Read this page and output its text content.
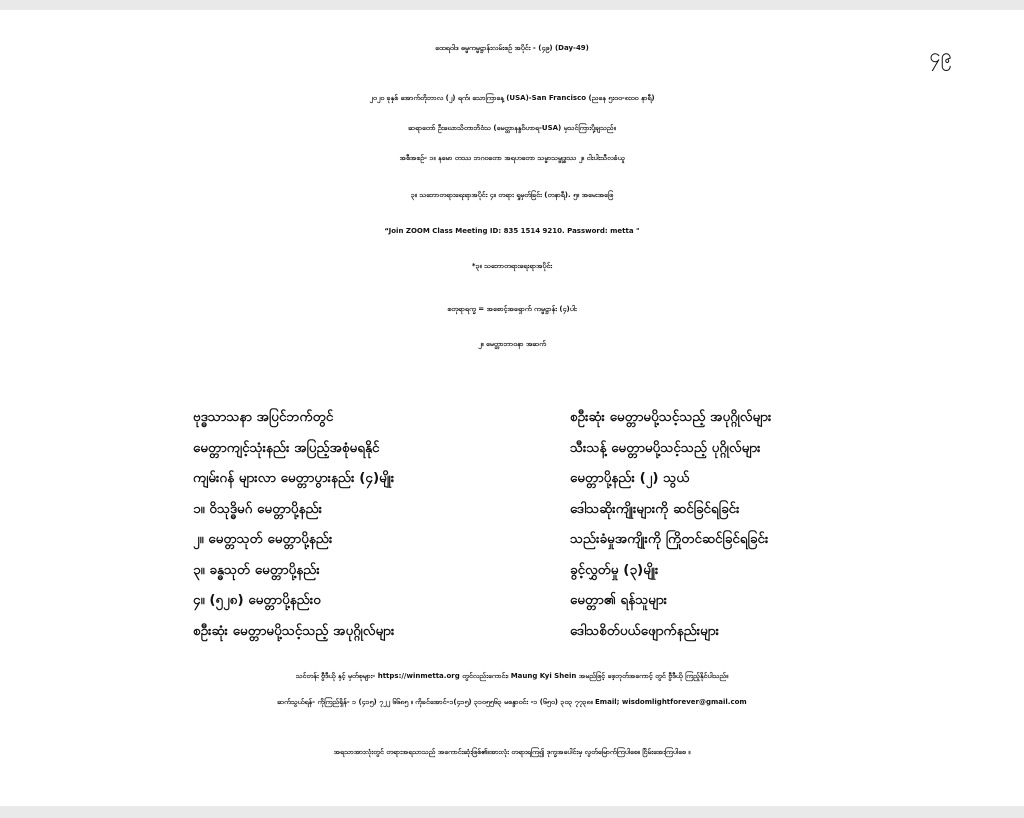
၄၉
ထေရဝါဒ ဓမ္မကမ္မဋ္ဌာန်းလမ်းစဉ် အပိုင်း - (၄၉) (Day-49)
၂၀၂၀ ခုနှစ် အောက်တိုဘာလ (၂) ရက်၊ သောကြာနေ့ (USA)-San Francisco (ညနေ ၅း၀၀-၈း၀၀ နာရီ)
ဆရာတော် ဦးဃောသိတာဘိဝံသ (မေတ္တာနန္ဒဝိဟာရ-USA) မှသင်ကြားပို့ချသည်။
အစီအစဉ်- ၁။ နမော တဿ ဘဂဝတော အရဟတော သမ္မာသမ္ဗုဒ္ဓဿ ၂။ ငါးပါးသီလခံယူ
၃။ သဘောတရားရေးရာအပိုင်း ၄။ တရား ရှုမှတ်ခြင်း (တနာရီ). ၅။ အမေးအဖြေ
“Join ZOOM Class Meeting ID: 835 1514 9210. Password: metta "
*၃။ သဘောတရားရေးရာအပိုင်း
စတုရာရက္ခ = အစောင့်အရှောက် ကမ္မဋ္ဌာန်း (၄)ပါး
၂။ မေတ္တာဘာဝနာ အဆက်
ဗုဒ္ဓသာသနာ အပြင်ဘက်တွင်
မေတ္တာကျင့်သုံးနည်း အပြည့်အစုံမရနိုင်
ကျမ်းဂန် များလာ မေတ္တာပွားနည်း (၄)မျိုး
၁။ ဝိသုဒ္ဓိမဂ် မေတ္တာပို့နည်း
၂။ မေတ္တသုတ် မေတ္တာပို့နည်း
၃။ ခန္ဓသုတ် မေတ္တာပို့နည်း
၄။ (၅၂၈) မေတ္တာပို့နည်း၀
စဦးဆုံး မေတ္တာမပို့သင့်သည့် အပုဂ္ဂိုလ်များ
စဦးဆုံး မေတ္တာမပို့သင့်သည့် အပုဂ္ဂိုလ်များ
သီးသန့် မေတ္တာမပို့သင့်သည့် ပုဂ္ဂိုလ်များ
မေတ္တာပို့နည်း (၂) သွယ်
ဒေါသဆိုးကျိုးများကို ဆင်ခြင်ရခြင်း
သည်းခံမှုအကျိုးကို ကြိုတင်ဆင်ခြင်ရခြင်း
ခွင့်လွှတ်မှု (၃)မျိုး
မေတ္တာ၏ ရန်သူများ
ဒေါသစိတ်ပယ်ဖျောက်နည်းများ
သင်တန်း ဗွီဒီယို နှင့် မှတ်စုများ- https://winmetta.org တွင်လည်းကောင်း၊ Maung Kyi Shein အမည်ဖြင့် ဖေ့ဘုတ်အကောင့် တွင် ဗွီဒီယို ကြည့်နိုင်ပါသည်။
ဆက်သွယ်ရန်- ကိုကြည်ရှိန်- ၁ (၄၁၅) ၇၂၂ ၆၆၈၅ ။ ကိုခင်အောင်-၁(၄၁၅) ၃၁၀၅၅၆၃ မစန္ဒာဝင်း -၁ (၆၅၀) ၃၀၃ ၇၇၃၈။ Email; wisdomlightforever@gmail.com
အရသာအားလုံးတွင် တရားအရသာသည် အကောင်းဆုံးဖြစ်၏။အားလုံး တရားရကြ၍ ဒုက္ခအပေါင်းမှ လွတ်မြောက်ကြပါစေ။ ငြိမ်းအေးကြပါစေ ။
